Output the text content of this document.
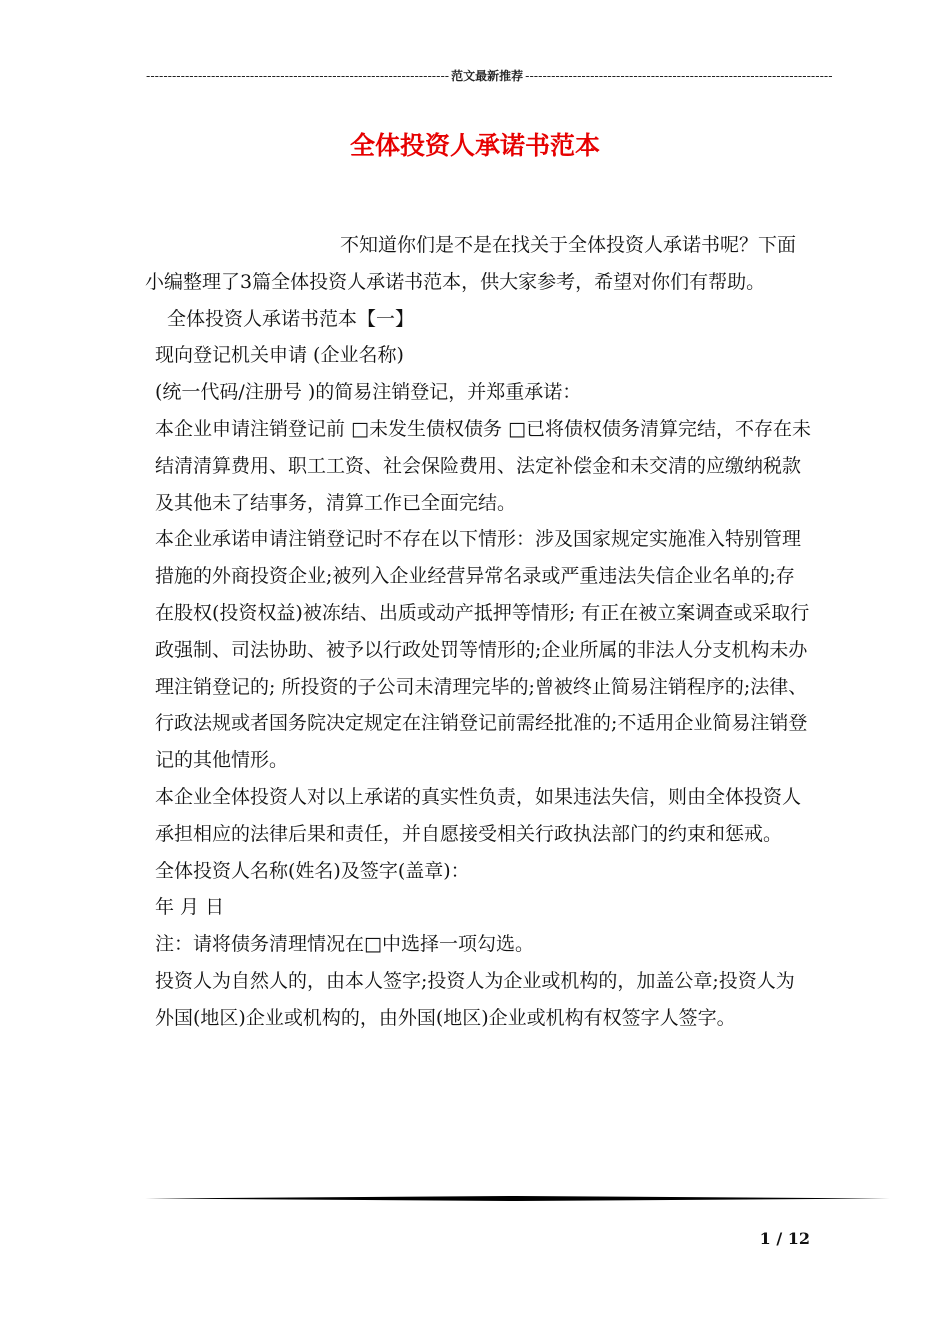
---------------------------------------------------------------------- 范文最新推荐 -----------------------------------------------------------------------
全体投资人承诺书范本

不知道你们是不是在找关于全体投资人承诺书呢？下面小编整理了3篇全体投资人承诺书范本，供大家参考，希望对你们有帮助。

全体投资人承诺书范本【一】

现向登记机关申请 (企业名称)

(统一代码/注册号 )的简易注销登记，并郑重承诺：

本企业申请注销登记前 □未发生债权债务 □已将债权债务清算完结，不存在未结清清算费用、职工工资、社会保险费用、法定补偿金和未交清的应缴纳税款及其他未了结事务，清算工作已全面完结。

本企业承诺申请注销登记时不存在以下情形：涉及国家规定实施准入特别管理措施的外商投资企业;被列入企业经营异常名录或严重违法失信企业名单的;存在股权(投资权益)被冻结、出质或动产抵押等情形; 有正在被立案调查或采取行政强制、司法协助、被予以行政处罚等情形的;企业所属的非法人分支机构未办理注销登记的; 所投资的子公司未清理完毕的;曾被终止简易注销程序的;法律、行政法规或者国务院决定规定在注销登记前需经批准的;不适用企业简易注销登记的其他情形。

本企业全体投资人对以上承诺的真实性负责，如果违法失信，则由全体投资人承担相应的法律后果和责任，并自愿接受相关行政执法部门的约束和惩戒。

全体投资人名称(姓名)及签字(盖章)：

年 月 日

注：请将债务清理情况在□中选择一项勾选。

投资人为自然人的，由本人签字;投资人为企业或机构的，加盖公章;投资人为外国(地区)企业或机构的，由外国(地区)企业或机构有权签字人签字。

1 / 12
